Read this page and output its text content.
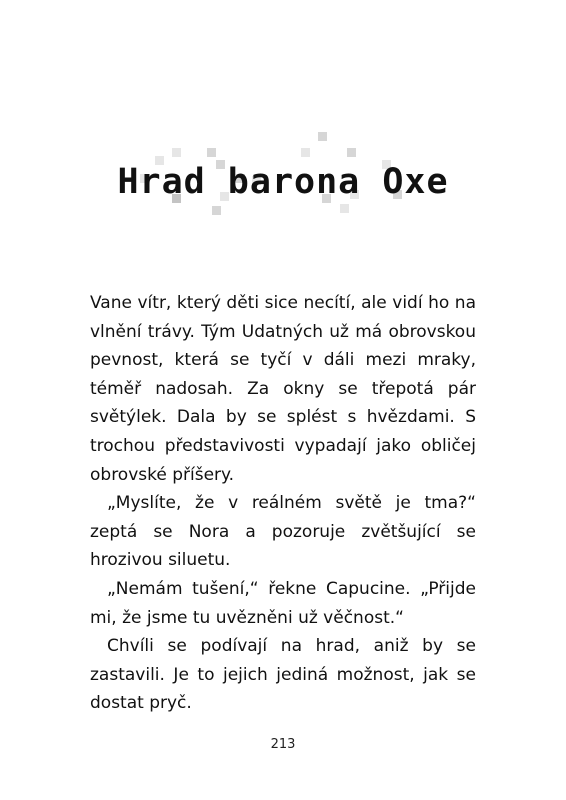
Hrad barona Oxe

Vane vítr, který děti sice necítí, ale vidí ho na vlnění trávy. Tým Udatných už má obrovskou pevnost, která se tyčí v dáli mezi mraky, téměř nadosah. Za okny se třepotá pár světýlek. Dala by se splést s hvězdami. S trochou představivosti vypadají jako obličej obrovské příšery.

„Myslíte, že v reálném světě je tma?“ zeptá se Nora a pozoruje zvětšující se hrozivou siluetu.

„Nemám tušení,“ řekne Capucine. „Přijde mi, že jsme tu uvězněni už věčnost.“

Chvíli se podívají na hrad, aniž by se zastavili. Je to jejich jediná možnost, jak se dostat pryč.

213
